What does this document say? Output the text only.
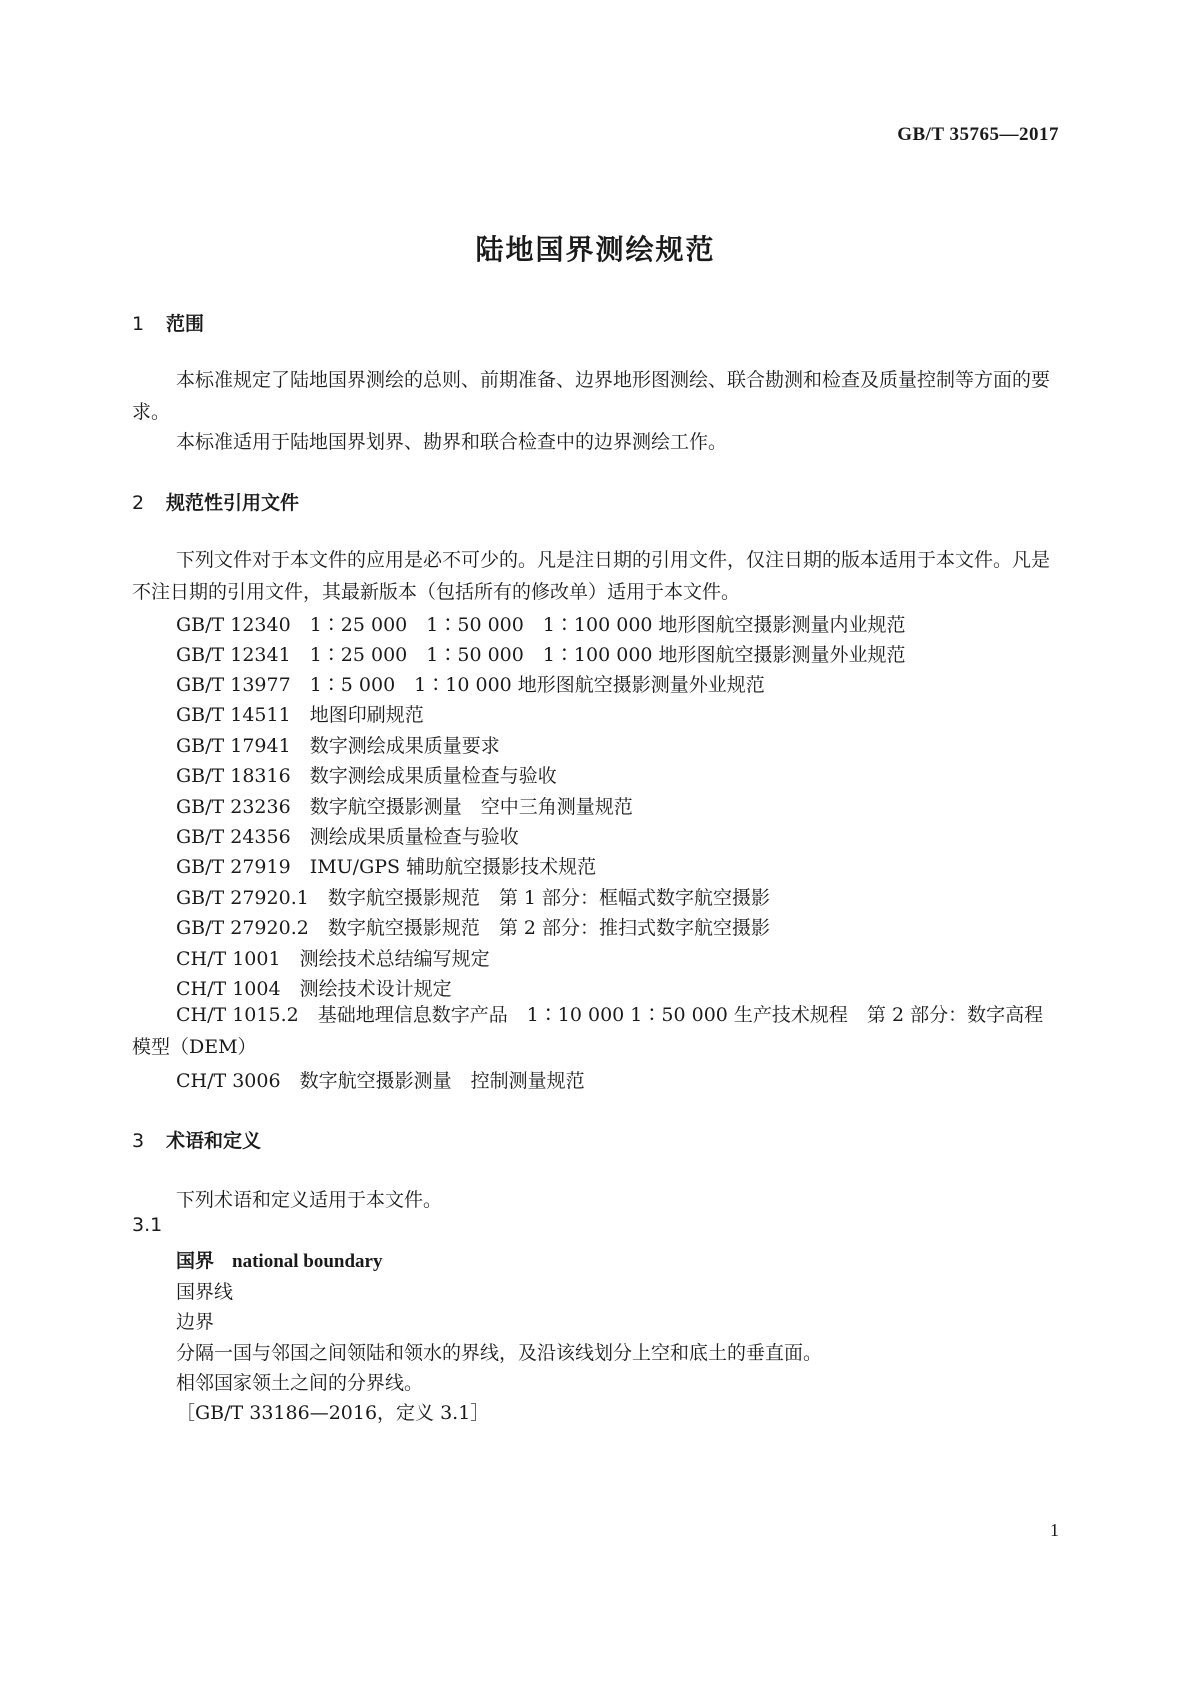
GB/T 35765—2017
陆地国界测绘规范
1 范围
本标准规定了陆地国界测绘的总则、前期准备、边界地形图测绘、联合勘测和检查及质量控制等方面的要求。
本标准适用于陆地国界划界、勘界和联合检查中的边界测绘工作。
2 规范性引用文件
下列文件对于本文件的应用是必不可少的。凡是注日期的引用文件，仅注日期的版本适用于本文件。凡是不注日期的引用文件，其最新版本（包括所有的修改单）适用于本文件。
GB/T 12340　1∶25 000　1∶50 000　1∶100 000 地形图航空摄影测量内业规范
GB/T 12341　1∶25 000　1∶50 000　1∶100 000 地形图航空摄影测量外业规范
GB/T 13977　1∶5 000　1∶10 000 地形图航空摄影测量外业规范
GB/T 14511　地图印刷规范
GB/T 17941　数字测绘成果质量要求
GB/T 18316　数字测绘成果质量检查与验收
GB/T 23236　数字航空摄影测量　空中三角测量规范
GB/T 24356　测绘成果质量检查与验收
GB/T 27919　IMU/GPS 辅助航空摄影技术规范
GB/T 27920.1　数字航空摄影规范　第 1 部分：框幅式数字航空摄影
GB/T 27920.2　数字航空摄影规范　第 2 部分：推扫式数字航空摄影
CH/T 1001　测绘技术总结编写规定
CH/T 1004　测绘技术设计规定
CH/T 1015.2　基础地理信息数字产品　1∶10 000 1∶50 000 生产技术规程　第 2 部分：数字高程模型（DEM）
CH/T 3006　数字航空摄影测量　控制测量规范
3 术语和定义
下列术语和定义适用于本文件。
3.1
国界 national boundary
国界线
边界
分隔一国与邻国之间领陆和领水的界线，及沿该线划分上空和底土的垂直面。
相邻国家领土之间的分界线。
［GB/T 33186—2016，定义 3.1］
1
